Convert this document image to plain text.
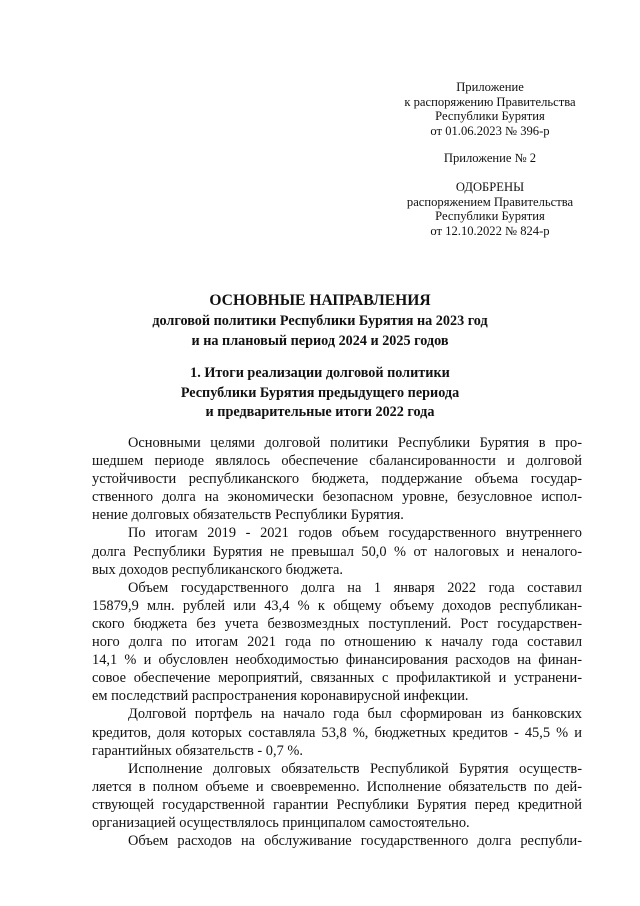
Приложение
к распоряжению Правительства
Республики Бурятия
от 01.06.2023 № 396-р
Приложение № 2
ОДОБРЕНЫ
распоряжением Правительства
Республики Бурятия
от 12.10.2022 № 824-р
ОСНОВНЫЕ НАПРАВЛЕНИЯ
долговой политики Республики Бурятия на 2023 год
и на плановый период 2024 и 2025 годов
1. Итоги реализации долговой политики
Республики Бурятия предыдущего периода
и предварительные итоги 2022 года
Основными целями долговой политики Республики Бурятия в про-
шедшем периоде являлось обеспечение сбалансированности и долговой
устойчивости республиканского бюджета, поддержание объема государ-
ственного долга на экономически безопасном уровне, безусловное испол-
нение долговых обязательств Республики Бурятия.
По итогам 2019 - 2021 годов объем государственного внутреннего
долга Республики Бурятия не превышал 50,0 % от налоговых и неналого-
вых доходов республиканского бюджета.
Объем государственного долга на 1 января 2022 года составил
15879,9 млн. рублей или 43,4 % к общему объему доходов республикан-
ского бюджета без учета безвозмездных поступлений. Рост государствен-
ного долга по итогам 2021 года по отношению к началу года составил
14,1 % и обусловлен необходимостью финансирования расходов на финан-
совое обеспечение мероприятий, связанных с профилактикой и устранени-
ем последствий распространения коронавирусной инфекции.
Долговой портфель на начало года был сформирован из банковских
кредитов, доля которых составляла 53,8 %, бюджетных кредитов - 45,5 % и
гарантийных обязательств - 0,7 %.
Исполнение долговых обязательств Республикой Бурятия осуществ-
ляется в полном объеме и своевременно. Исполнение обязательств по дей-
ствующей государственной гарантии Республики Бурятия перед кредитной
организацией осуществлялось принципалом самостоятельно.
Объем расходов на обслуживание государственного долга республи-
